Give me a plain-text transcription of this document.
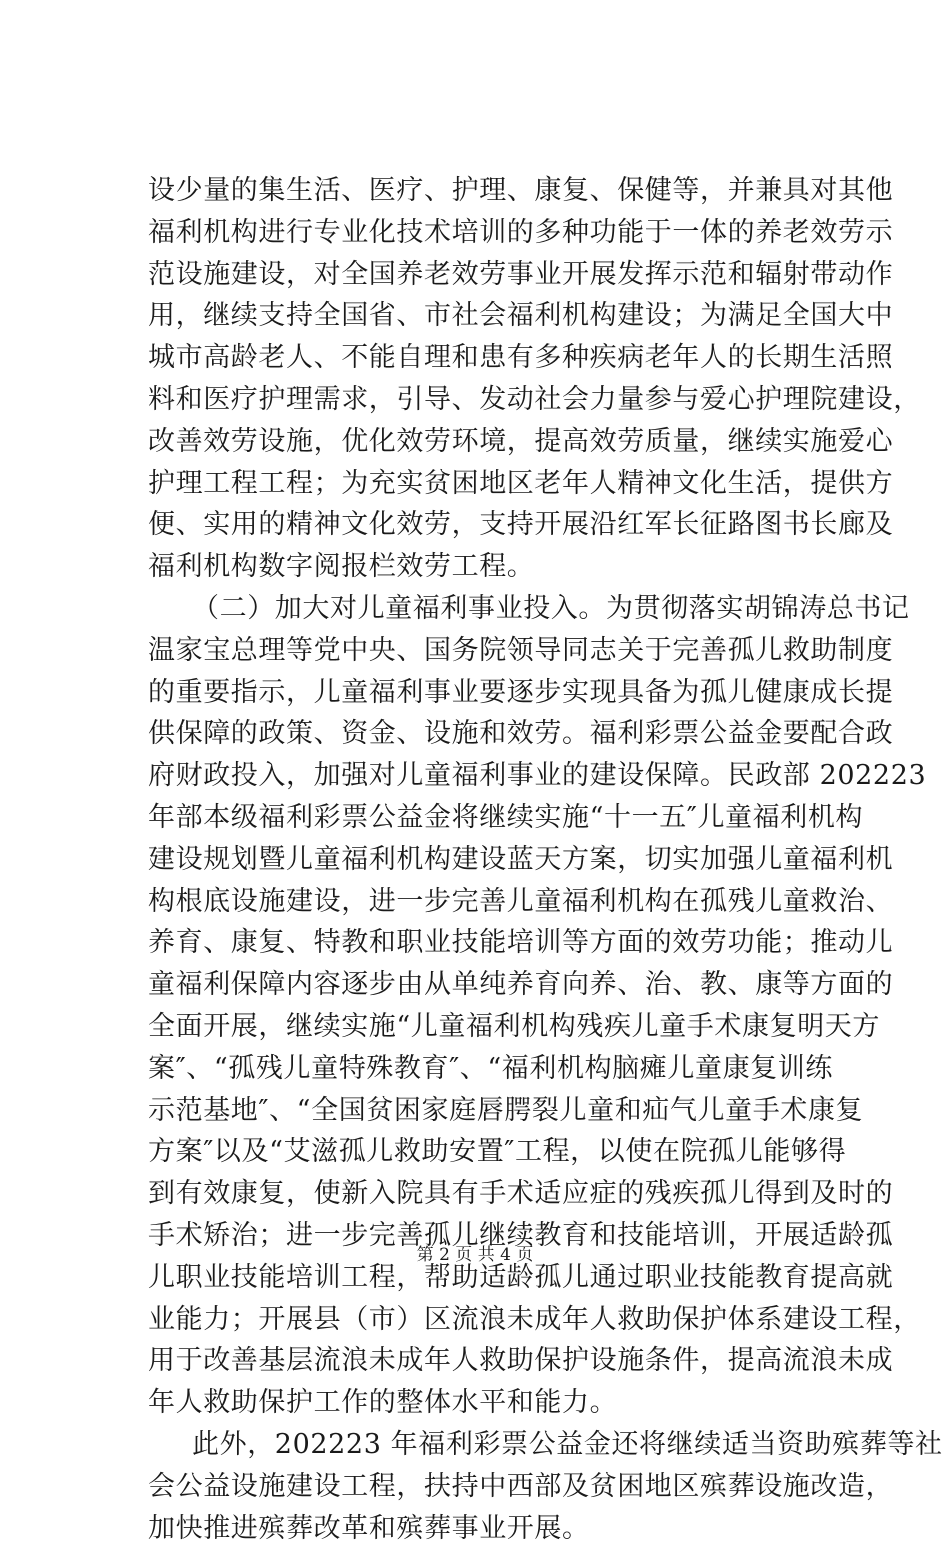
设少量的集生活、医疗、护理、康复、保健等，并兼具对其他
福利机构进行专业化技术培训的多种功能于一体的养老效劳示
范设施建设，对全国养老效劳事业开展发挥示范和辐射带动作
用，继续支持全国省、市社会福利机构建设；为满足全国大中
城市高龄老人、不能自理和患有多种疾病老年人的长期生活照
料和医疗护理需求，引导、发动社会力量参与爱心护理院建设，
改善效劳设施，优化效劳环境，提高效劳质量，继续实施爱心
护理工程工程；为充实贫困地区老年人精神文化生活，提供方
便、实用的精神文化效劳，支持开展沿红军长征路图书长廊及
福利机构数字阅报栏效劳工程。
（二）加大对儿童福利事业投入。为贯彻落实胡锦涛总书记
温家宝总理等党中央、国务院领导同志关于完善孤儿救助制度
的重要指示，儿童福利事业要逐步实现具备为孤儿健康成长提
供保障的政策、资金、设施和效劳。福利彩票公益金要配合政
府财政投入，加强对儿童福利事业的建设保障。民政部 202223
年部本级福利彩票公益金将继续实施“十一五″儿童福利机构
建设规划暨儿童福利机构建设蓝天方案，切实加强儿童福利机
构根底设施建设，进一步完善儿童福利机构在孤残儿童救治、
养育、康复、特教和职业技能培训等方面的效劳功能；推动儿
童福利保障内容逐步由从单纯养育向养、治、教、康等方面的
全面开展，继续实施“儿童福利机构残疾儿童手术康复明天方
案″、“孤残儿童特殊教育″、“福利机构脑瘫儿童康复训练
示范基地″、“全国贫困家庭唇腭裂儿童和疝气儿童手术康复
方案″以及“艾滋孤儿救助安置″工程，以使在院孤儿能够得
到有效康复，使新入院具有手术适应症的残疾孤儿得到及时的
手术矫治；进一步完善孤儿继续教育和技能培训，开展适龄孤
儿职业技能培训工程，帮助适龄孤儿通过职业技能教育提高就
业能力；开展县（市）区流浪未成年人救助保护体系建设工程，
用于改善基层流浪未成年人救助保护设施条件，提高流浪未成
年人救助保护工作的整体水平和能力。
此外，202223 年福利彩票公益金还将继续适当资助殡葬等社
会公益设施建设工程，扶持中西部及贫困地区殡葬设施改造，
加快推进殡葬改革和殡葬事业开展。
第 2 页 共 4 页
